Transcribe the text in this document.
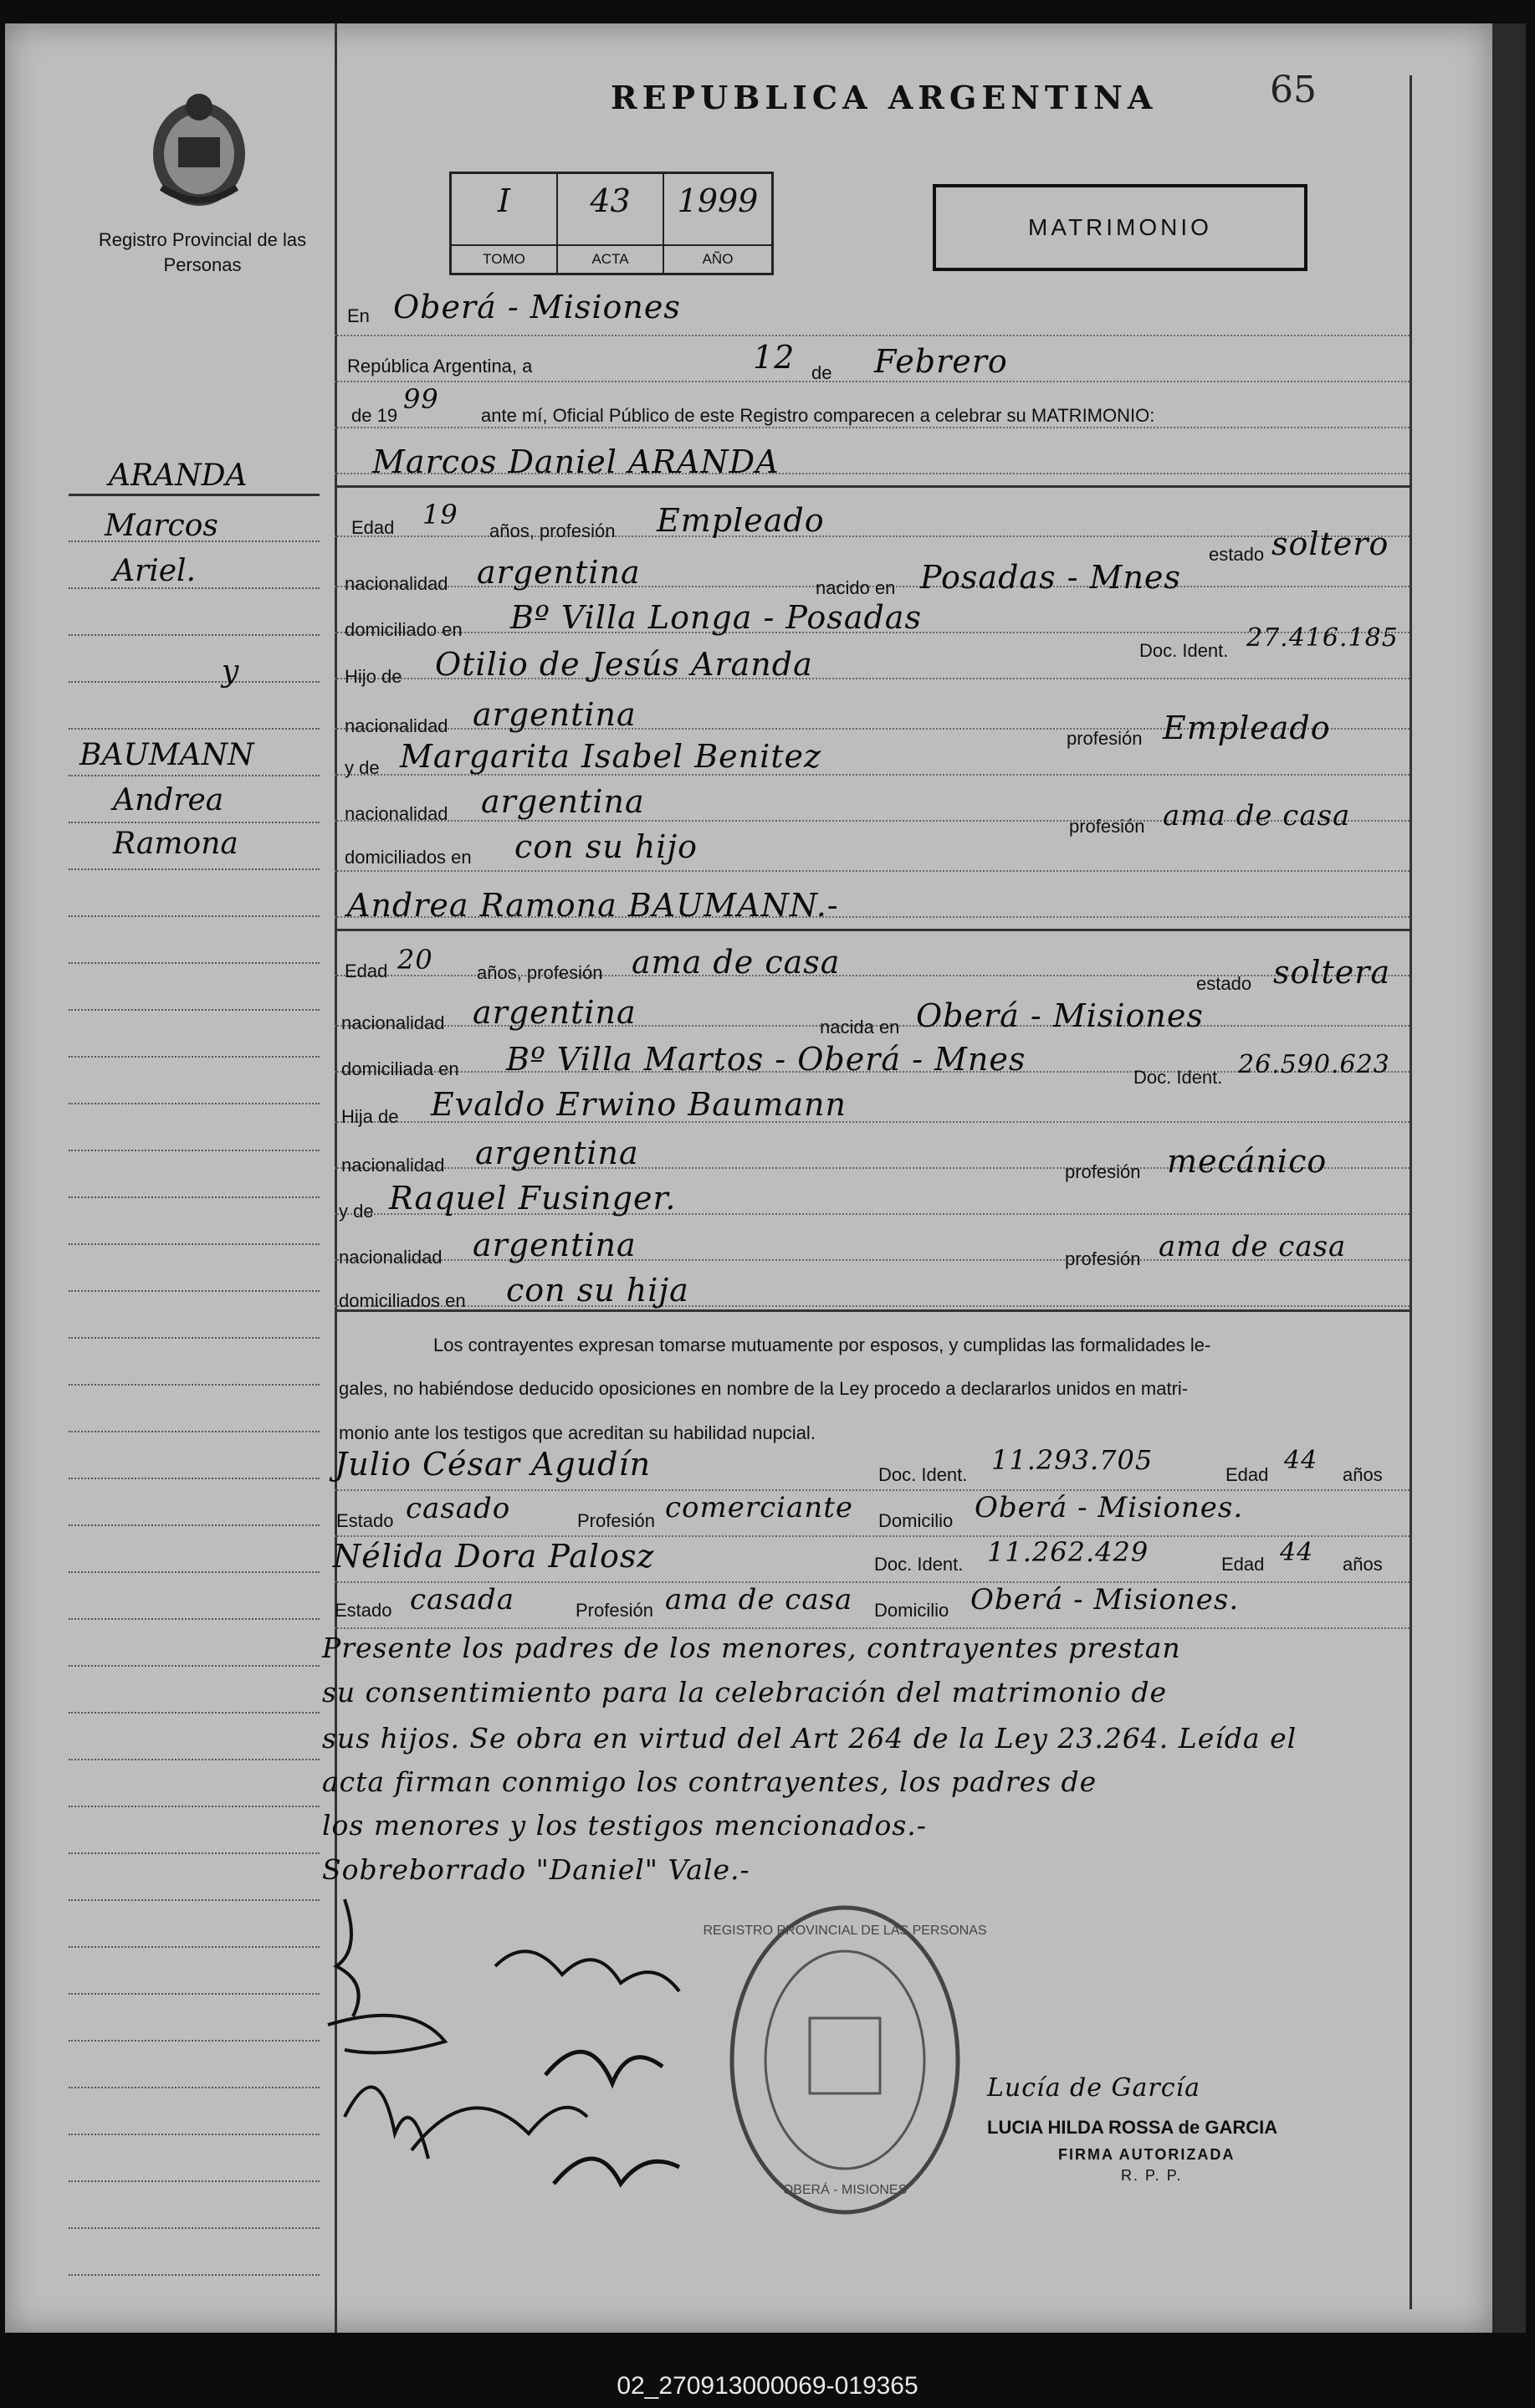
Registro Provincial de las Personas
REPUBLICA ARGENTINA	65
I
TOMO
43
ACTA
1999
AÑO
MATRIMONIO
ARANDA
Marcos
Ariel.
y
BAUMANN
Andrea
Ramona
En Oberá - Misiones
República Argentina, a	12 de Febrero
de 19
99
ante mí, Oficial Público de este Registro comparecen a celebrar su MATRIMONIO:
Marcos Daniel ARANDA
Edad 19
años, profesión Empleado
estado soltero
nacionalidad argentina	nacido en Posadas - Mnes
domiciliado en Bº Villa Longa - Posadas
Doc. Ident. 27.416.185
Hijo de Otilio de Jesús Aranda
nacionalidad argentina
profesión Empleado
y de Margarita Isabel Benitez
nacionalidad argentina
profesión ama de casa
domiciliados en con su hijo
Andrea Ramona BAUMANN.-
Edad 20 años, profesión ama de casa
estado soltera
nacionalidad argentina	nacida en Oberá - Misiones
domiciliada en Bº Villa Martos - Oberá - Mnes	Doc. Ident. 26.590.623
Hija de Evaldo Erwino Baumann
nacionalidad argentina
profesión mecánico
y de Raquel Fusinger.
nacionalidad argentina	profesión ama de casa
domiciliados en con su hija
Los contrayentes expresan tomarse mutuamente por esposos, y cumplidas las formalidades le-
gales, no habiéndose deducido oposiciones en nombre de la Ley procedo a declararlos unidos en matri-
monio ante los testigos que acreditan su habilidad nupcial.
Julio César Agudín	Doc. Ident. 11.293.705	Edad 44 años
Estado casado	Profesión comerciante Domicilio Oberá - Misiones.
Nélida Dora Palosz	Doc. Ident. 11.262.429	Edad 44 años
Estado casada	Profesión ama de casa Domicilio Oberá - Misiones.
Presente los padres de los menores, contrayentes prestan
su consentimiento para la celebración del matrimonio de
sus hijos. Se obra en virtud del Art 264 de la Ley 23.264. Leída el
acta firman conmigo los contrayentes, los padres de
los menores y los testigos mencionados.-
Sobreborrado "Daniel" Vale.-
REGISTRO PROVINCIAL DE LAS PERSONAS
OBERÁ - MISIONES
Lucía de García
LUCIA HILDA ROSSA de GARCIA
FIRMA AUTORIZADA
R. P. P.
02_270913000069-019365
